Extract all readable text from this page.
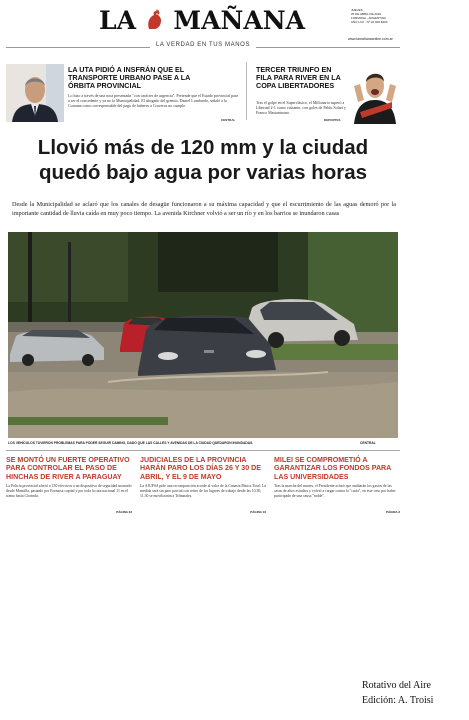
LA MAÑANA	JUEVES
25 DE ABRIL DE 2024
FORMOSA - ARGENTINA
AÑO LXX · Nº 22.000 $400
www.lamañanaonline.com.ar
LA VERDAD EN TUS MANOS
LA UTA PIDIÓ A INSFRÁN QUE EL TRANSPORTE URBANO PASE A LA ÓRBITA PROVINCIAL
Lo hizo a través de una nota presentada "con carácter de urgencia". Pretende que el Estado provincial pase a ser el concedente y ya no la Municipalidad. El abogado del gremio, Daniel Lombardo, señaló a la Comuna como corresponsable del pago de haberes a Cruceros no cumple.
CENTRAL
TERCER TRIUNFO EN FILA PARA RIVER EN LA COPA LIBERTADORES
Tras el golpe en el Superclásico, el Millonario superó a Libertad 2-1 como visitante, con goles de Pablo Solari y Franco Mastantuono.
DEPORTES
Llovió más de 120 mm y la ciudad
quedó bajo agua por varias horas
Desde la Municipalidad se aclaró que los canales de desagüe funcionaron a su máxima capacidad y que el escurrimiento de las aguas demoró por la importante cantidad de lluvia caída en muy poco tiempo. La avenida Kirchner volvió a ser un río y en los barrios se inundaron casas
LOS VEHÍCULOS TUVIERON PROBLEMAS PARA PODER SEGUIR CAMINO, DADO QUE LAS CALLES Y AVENIDAS DE LA CIUDAD QUEDARON INUNDADAS.	CENTRAL
SE MONTÓ UN FUERTE OPERATIVO PARA CONTROLAR EL PASO DE HINCHAS DE RIVER A PARAGUAY
La Policía provincial afectó a 150 efectivos a un dispositivo de seguridad montado desde Mansilla, pasando por Formosa capital y por toda la ruta nacional 11 en el tramo hasta Clorinda.
PÁGINA 33
JUDICIALES DE LA PROVINCIA HARÁN PARO LOS DÍAS 26 Y 30 DE ABRIL, Y EL 9 DE MAYO
La AJUFSA pide una recomposición acorde al valor de la Canasta Básica Total. La medida será sin paro parcial con retiro de los lugares de trabajo desde las 10.30; 11.30 se movilizarán a Tribunales.
PÁGINA 16
MILEI SE COMPROMETIÓ A GARANTIZAR LOS FONDOS PARA LAS UNIVERSIDADES
Tras la marcha del martes, el Presidente aclaró que auditarán los gastos de las casas de altos estudios y volvió a cargar contra la "casta", en este caso por haber participado de una causa "noble".
PÁGINA 3
Rotativo del Aire
Edición: A. Troisi
